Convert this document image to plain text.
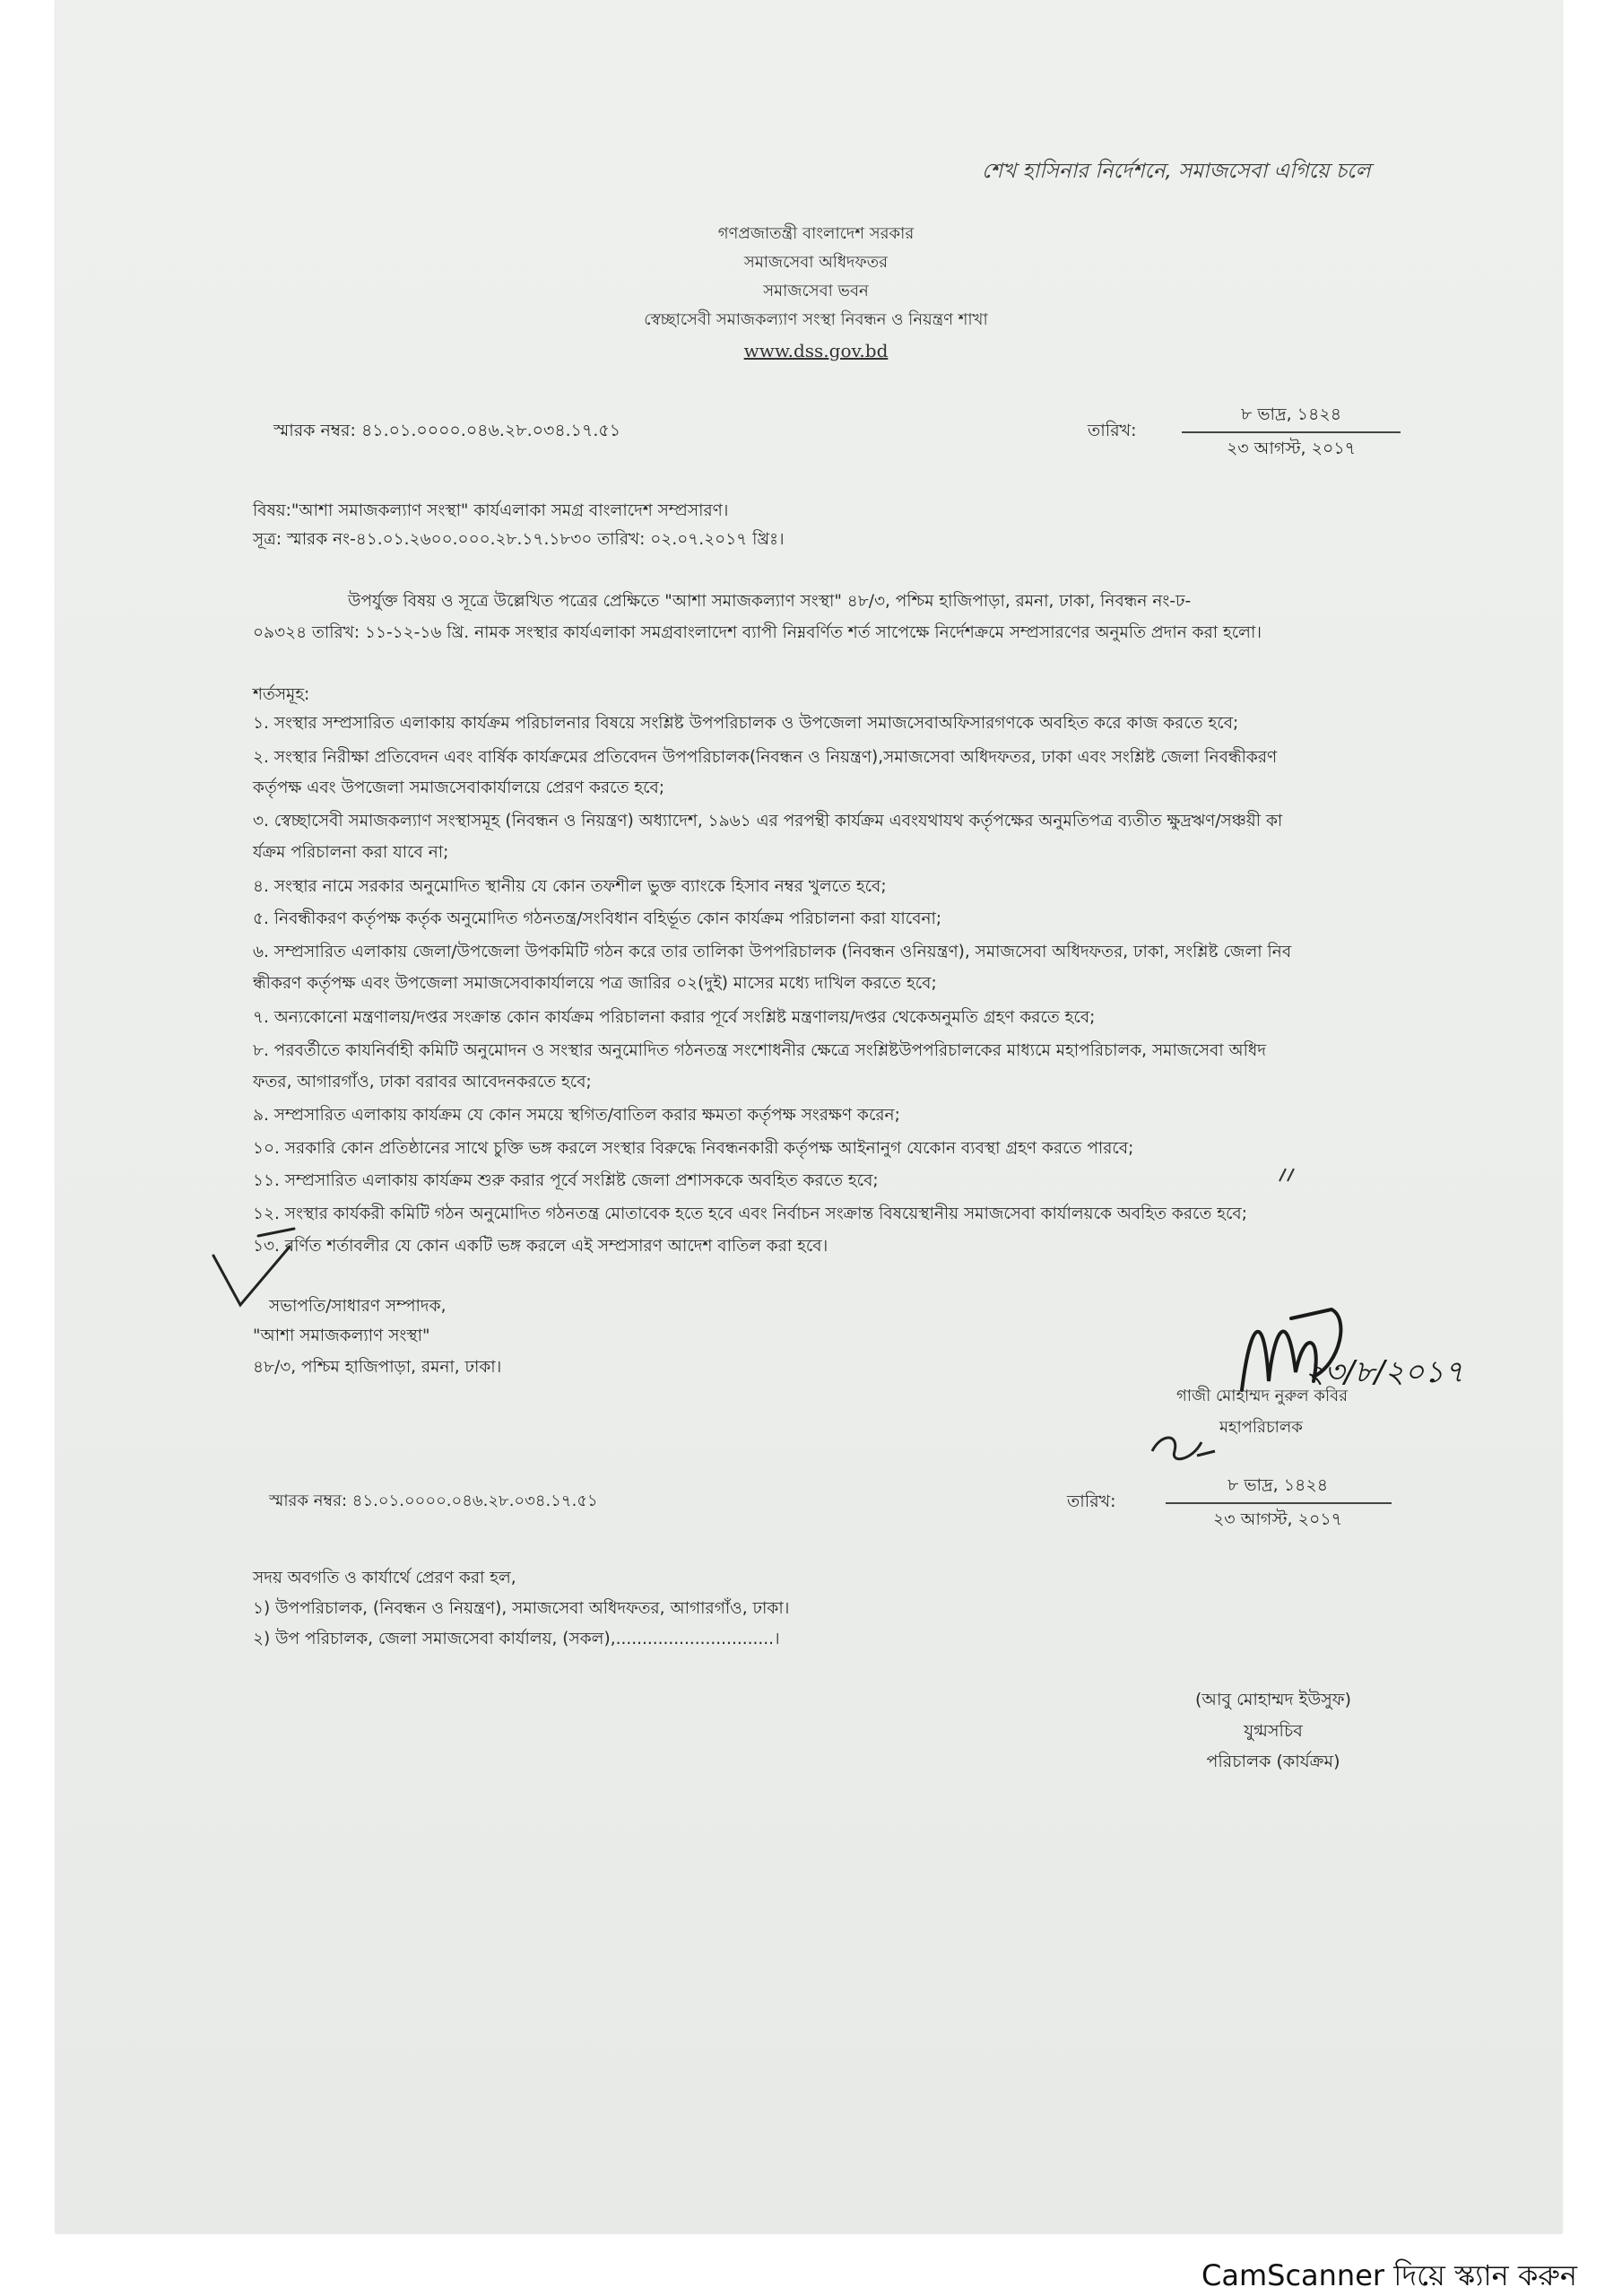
শেখ হাসিনার নির্দেশনে, সমাজসেবা এগিয়ে চলে
গণপ্রজাতন্ত্রী বাংলাদেশ সরকার
সমাজসেবা অধিদফতর
সমাজসেবা ভবন
স্বেচ্ছাসেবী সমাজকল্যাণ সংস্থা নিবন্ধন ও নিয়ন্ত্রণ শাখা
www.dss.gov.bd
স্মারক নম্বর: ৪১.০১.০০০০.০৪৬.২৮.০৩৪.১৭.৫১	তারিখ:
৮ ভাদ্র, ১৪২৪
২৩ আগস্ট, ২০১৭
বিষয়:"আশা সমাজকল্যাণ সংস্থা" কার্যএলাকা সমগ্র বাংলাদেশ সম্প্রসারণ।
সূত্র: স্মারক নং-৪১.০১.২৬০০.০০০.২৮.১৭.১৮৩০ তারিখ: ০২.০৭.২০১৭ খ্রিঃ।
উপর্যুক্ত বিষয় ও সূত্রে উল্লেখিত পত্রের প্রেক্ষিতে "আশা সমাজকল্যাণ সংস্থা" ৪৮/৩, পশ্চিম হাজিপাড়া, রমনা, ঢাকা, নিবন্ধন নং-ঢ-
০৯৩২৪ তারিখ: ১১-১২-১৬ খ্রি. নামক সংস্থার কার্যএলাকা সমগ্রবাংলাদেশ ব্যাপী নিম্নবর্ণিত শর্ত সাপেক্ষে নির্দেশক্রমে সম্প্রসারণের অনুমতি প্রদান করা হলো।
শর্তসমূহ:
১. সংস্থার সম্প্রসারিত এলাকায় কার্যক্রম পরিচালনার বিষয়ে সংশ্লিষ্ট উপপরিচালক ও উপজেলা সমাজসেবাঅফিসারগণকে অবহিত করে কাজ করতে হবে;
২. সংস্থার নিরীক্ষা প্রতিবেদন এবং বার্ষিক কার্যক্রমের প্রতিবেদন উপপরিচালক(নিবন্ধন ও নিয়ন্ত্রণ),সমাজসেবা অধিদফতর, ঢাকা এবং সংশ্লিষ্ট জেলা নিবন্ধীকরণ
কর্তৃপক্ষ এবং উপজেলা সমাজসেবাকার্যালয়ে প্রেরণ করতে হবে;
৩. স্বেচ্ছাসেবী সমাজকল্যাণ সংস্থাসমূহ (নিবন্ধন ও নিয়ন্ত্রণ) অধ্যাদেশ, ১৯৬১ এর পরপন্থী কার্যক্রম এবংযথাযথ কর্তৃপক্ষের অনুমতিপত্র ব্যতীত ক্ষুদ্রঋণ/সঞ্চয়ী কা
র্যক্রম পরিচালনা করা যাবে না;
৪. সংস্থার নামে সরকার অনুমোদিত স্থানীয় যে কোন তফশীল ভুক্ত ব্যাংকে হিসাব নম্বর খুলতে হবে;
৫. নিবন্ধীকরণ কর্তৃপক্ষ কর্তৃক অনুমোদিত গঠনতন্ত্র/সংবিধান বহির্ভূত কোন কার্যক্রম পরিচালনা করা যাবেনা;
৬. সম্প্রসারিত এলাকায় জেলা/উপজেলা উপকমিটি গঠন করে তার তালিকা উপপরিচালক (নিবন্ধন ওনিয়ন্ত্রণ), সমাজসেবা অধিদফতর, ঢাকা, সংশ্লিষ্ট জেলা নিব
ন্ধীকরণ কর্তৃপক্ষ এবং উপজেলা সমাজসেবাকার্যালয়ে পত্র জারির ০২(দুই) মাসের মধ্যে দাখিল করতে হবে;
৭. অন্যকোনো মন্ত্রণালয়/দপ্তর সংক্রান্ত কোন কার্যক্রম পরিচালনা করার পূর্বে সংশ্লিষ্ট মন্ত্রণালয়/দপ্তর থেকেঅনুমতি গ্রহণ করতে হবে;
৮. পরবর্তীতে কাযনির্বাহী কমিটি অনুমোদন ও সংস্থার অনুমোদিত গঠনতন্ত্র সংশোধনীর ক্ষেত্রে সংশ্লিষ্টউপপরিচালকের মাধ্যমে মহাপরিচালক, সমাজসেবা অধিদ
ফতর, আগারগাঁও, ঢাকা বরাবর আবেদনকরতে হবে;
৯. সম্প্রসারিত এলাকায় কার্যক্রম যে কোন সময়ে স্থগিত/বাতিল করার ক্ষমতা কর্তৃপক্ষ সংরক্ষণ করেন;
১০. সরকারি কোন প্রতিষ্ঠানের সাথে চুক্তি ভঙ্গ করলে সংস্থার বিরুদ্ধে নিবন্ধনকারী কর্তৃপক্ষ আইনানুগ যেকোন ব্যবস্থা গ্রহণ করতে পারবে;
১১. সম্প্রসারিত এলাকায় কার্যক্রম শুরু করার পূর্বে সংশ্লিষ্ট জেলা প্রশাসককে অবহিত করতে হবে;
১২. সংস্থার কার্যকরী কমিটি গঠন অনুমোদিত গঠনতন্ত্র মোতাবেক হতে হবে এবং নির্বাচন সংক্রান্ত বিষয়েস্থানীয় সমাজসেবা কার্যালয়কে অবহিত করতে হবে;
১৩. বর্ণিত শর্তাবলীর যে কোন একটি ভঙ্গ করলে এই সম্প্রসারণ আদেশ বাতিল করা হবে।
সভাপতি/সাধারণ সম্পাদক,
"আশা সমাজকল্যাণ সংস্থা"
৪৮/৩, পশ্চিম হাজিপাড়া, রমনা, ঢাকা।	২৩/৮/২০১৭
গাজী মোহাম্মদ নুরুল কবির
মহাপরিচালক
স্মারক নম্বর: ৪১.০১.০০০০.০৪৬.২৮.০৩৪.১৭.৫১	তারিখ:
৮ ভাদ্র, ১৪২৪
২৩ আগস্ট, ২০১৭
সদয় অবগতি ও কার্যার্থে প্রেরণ করা হল,
১) উপপরিচালক, (নিবন্ধন ও নিয়ন্ত্রণ), সমাজসেবা অধিদফতর, আগারগাঁও, ঢাকা।
২) উপ পরিচালক, জেলা সমাজসেবা কার্যালয়, (সকল),..............................।
(আবু মোহাম্মদ ইউসুফ)
যুগ্মসচিব
পরিচালক (কার্যক্রম)
CamScanner দিয়ে স্ক্যান করুন
